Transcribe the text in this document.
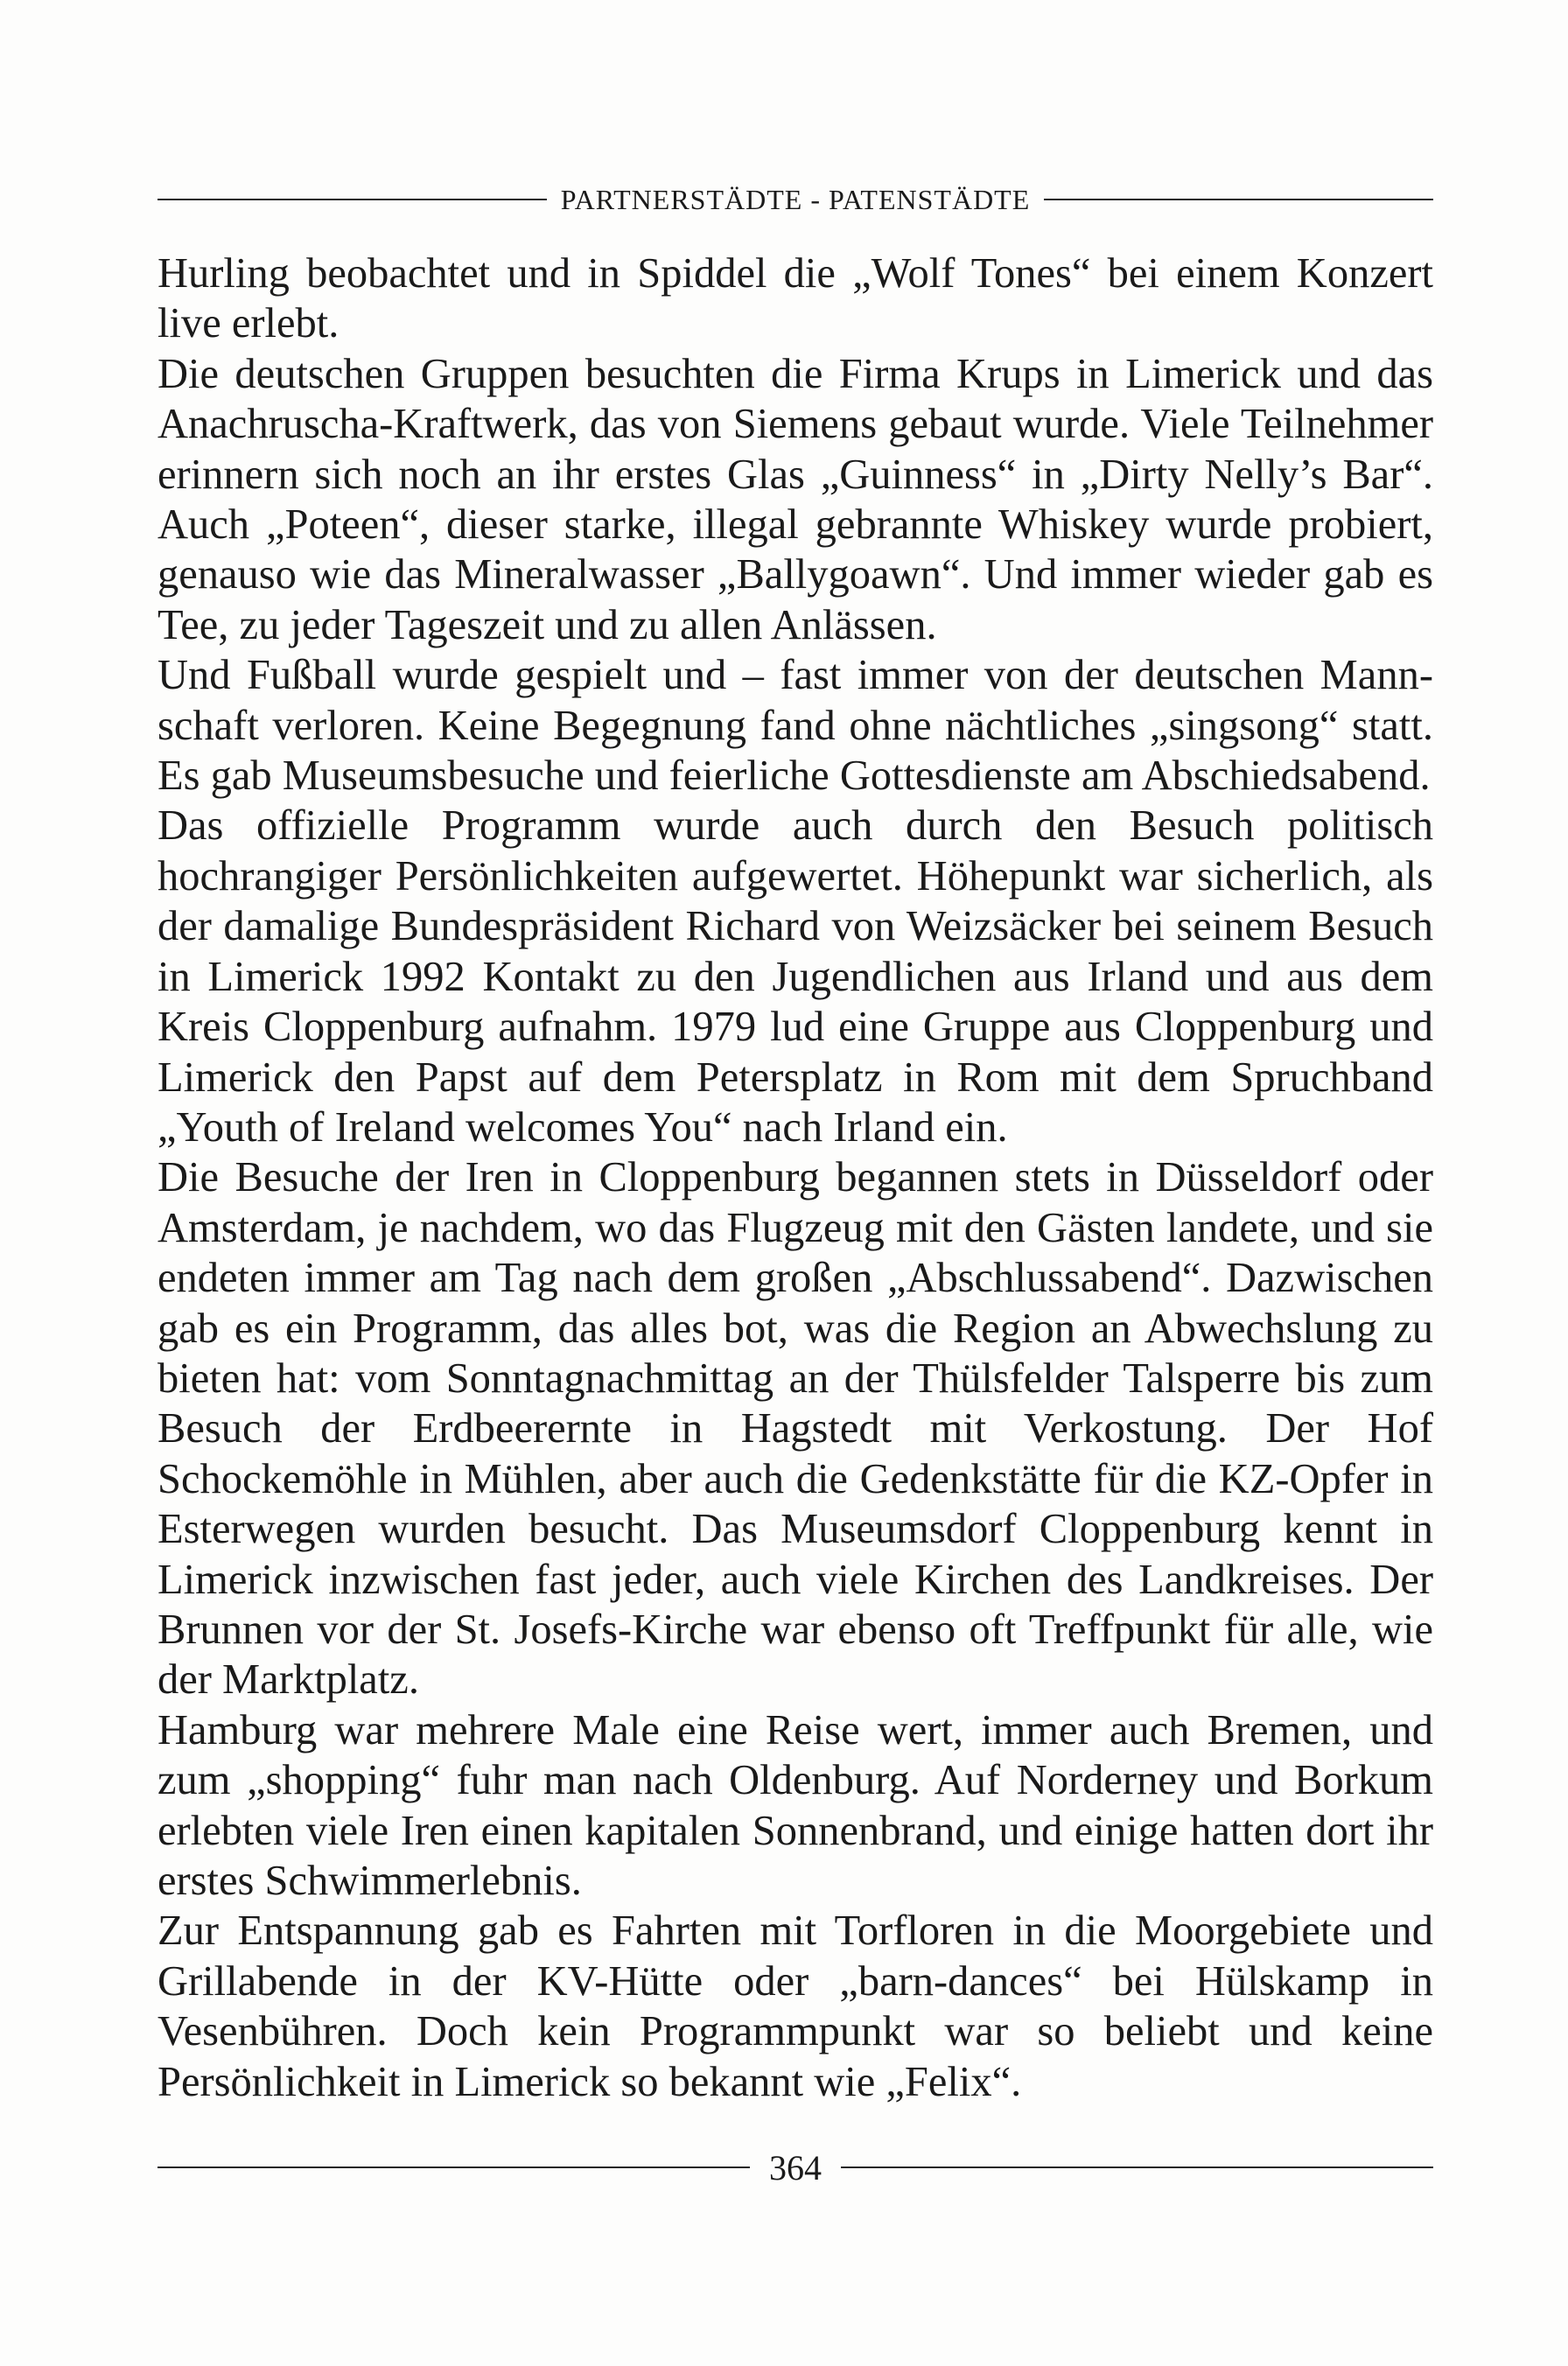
PARTNERSTÄDTE - PATENSTÄDTE

Hurling beobachtet und in Spiddel die „Wolf Tones“ bei einem Konzert live erlebt.

Die deutschen Gruppen besuchten die Firma Krups in Limerick und das Anachruscha-Kraftwerk, das von Siemens gebaut wurde. Viele Teilnehmer erinnern sich noch an ihr erstes Glas „Guinness“ in „Dirty Nelly’s Bar“. Auch „Poteen“, dieser starke, illegal gebrannte Whiskey wurde probiert, genauso wie das Mineralwasser „Ballygoawn“. Und immer wieder gab es Tee, zu jeder Tageszeit und zu allen Anlässen.

Und Fußball wurde gespielt und – fast immer von der deutschen Mannschaft verloren. Keine Begegnung fand ohne nächtliches „singsong“ statt. Es gab Museumsbesuche und feierliche Gottesdienste am Abschiedsabend.

Das offizielle Programm wurde auch durch den Besuch politisch hochrangiger Persönlichkeiten aufgewertet. Höhepunkt war sicherlich, als der damalige Bundespräsident Richard von Weizsäcker bei seinem Besuch in Limerick 1992 Kontakt zu den Jugendlichen aus Irland und aus dem Kreis Cloppenburg aufnahm. 1979 lud eine Gruppe aus Cloppenburg und Limerick den Papst auf dem Petersplatz in Rom mit dem Spruchband „Youth of Ireland welcomes You“ nach Irland ein.

Die Besuche der Iren in Cloppenburg begannen stets in Düsseldorf oder Amsterdam, je nachdem, wo das Flugzeug mit den Gästen landete, und sie endeten immer am Tag nach dem großen „Abschlussabend“. Dazwischen gab es ein Programm, das alles bot, was die Region an Abwechslung zu bieten hat: vom Sonntagnachmittag an der Thülsfelder Talsperre bis zum Besuch der Erdbeerernte in Hagstedt mit Verkostung. Der Hof Schockemöhle in Mühlen, aber auch die Gedenkstätte für die KZ-Opfer in Esterwegen wurden besucht. Das Museumsdorf Cloppenburg kennt in Limerick inzwischen fast jeder, auch viele Kirchen des Landkreises. Der Brunnen vor der St. Josefs-Kirche war ebenso oft Treffpunkt für alle, wie der Marktplatz.

Hamburg war mehrere Male eine Reise wert, immer auch Bremen, und zum „shopping“ fuhr man nach Oldenburg. Auf Norderney und Borkum erlebten viele Iren einen kapitalen Sonnenbrand, und einige hatten dort ihr erstes Schwimmerlebnis.

Zur Entspannung gab es Fahrten mit Torfloren in die Moorgebiete und Grillabende in der KV-Hütte oder „barn-dances“ bei Hülskamp in Vesenbühren. Doch kein Programmpunkt war so beliebt und keine Persönlichkeit in Limerick so bekannt wie „Felix“.

364
